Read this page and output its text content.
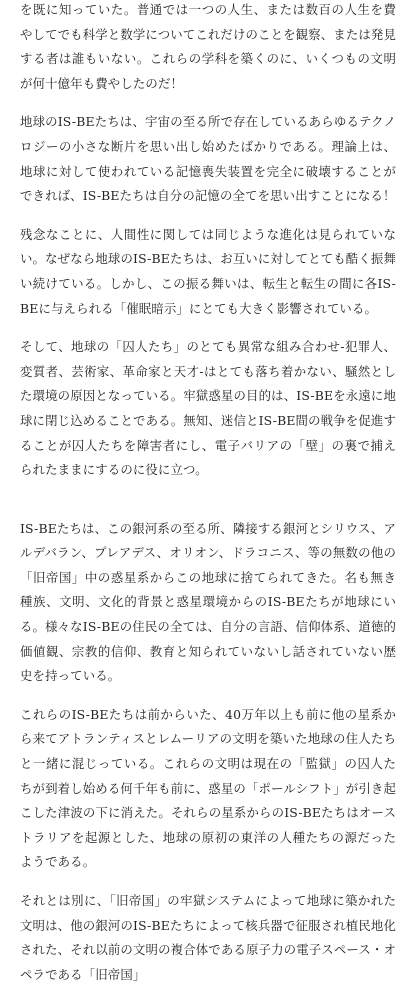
を既に知っていた。普通では一つの人生、または数百の人生を費やしてでも科学と数学についてこれだけのことを観察、または発見する者は誰もいない。これらの学科を築くのに、いくつもの文明が何十億年も費やしたのだ！

地球のIS-BEたちは、宇宙の至る所で存在しているあらゆるテクノロジーの小さな断片を思い出し始めたばかりである。理論上は、地球に対して使われている記憶喪失装置を完全に破壊することができれば、IS-BEたちは自分の記憶の全てを思い出すことになる！

残念なことに、人間性に関しては同じような進化は見られていない。なぜなら地球のIS-BEたちは、お互いに対してとても酷く振舞い続けている。しかし、この振る舞いは、転生と転生の間に各IS-BEに与えられる「催眠暗示」にとても大きく影響されている。

そして、地球の「囚人たち」のとても異常な組み合わせ‐犯罪人、変質者、芸術家、革命家と天才‐はとても落ち着かない、騒然とした環境の原因となっている。牢獄惑星の目的は、IS-BEを永遠に地球に閉じ込めることである。無知、迷信とIS-BE間の戦争を促進することが囚人たちを障害者にし、電子バリアの「壁」の裏で捕えられたままにするのに役に立つ。

IS-BEたちは、この銀河系の至る所、隣接する銀河とシリウス、アルデバラン、プレアデス、オリオン、ドラコニス、等の無数の他の「旧帝国」中の惑星系からこの地球に捨てられてきた。名も無き種族、文明、文化的背景と惑星環境からのIS-BEたちが地球にいる。様々なIS-BEの住民の全ては、自分の言語、信仰体系、道徳的価値観、宗教的信仰、教育と知られていないし話されていない歴史を持っている。

これらのIS-BEたちは前からいた、40万年以上も前に他の星系から来てアトランティスとレムーリアの文明を築いた地球の住人たちと一緒に混じっている。これらの文明は現在の「監獄」の囚人たちが到着し始める何千年も前に、惑星の「ポールシフト」が引き起こした津波の下に消えた。それらの星系からのIS-BEたちはオーストラリアを起源とした、地球の原初の東洋の人種たちの源だったようである。

それとは別に、「旧帝国」の牢獄システムによって地球に築かれた文明は、他の銀河のIS-BEたちによって核兵器で征服され植民地化された、それ以前の文明の複合体である原子力の電子スペース・オペラである「旧帝国」
